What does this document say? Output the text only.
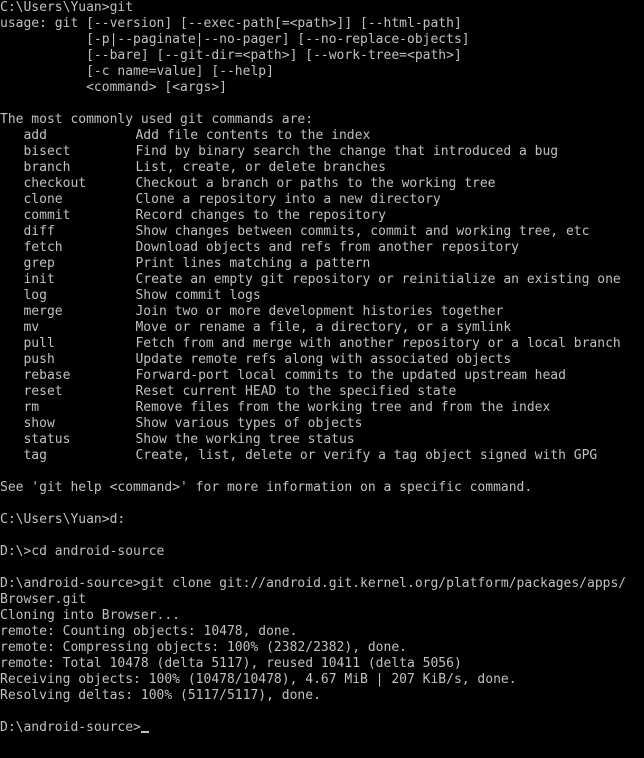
C:\Users\Yuan>git
usage: git [--version] [--exec-path[=<path>]] [--html-path]
[-p|--paginate|--no-pager] [--no-replace-objects]
[--bare] [--git-dir=<path>] [--work-tree=<path>]
[-c name=value] [--help]
<command> [<args>]
The most commonly used git commands are:
add	Add file contents to the index
bisect	Find by binary search the change that introduced a bug
branch	List, create, or delete branches
checkout	Checkout a branch or paths to the working tree
clone	Clone a repository into a new directory
commit	Record changes to the repository
diff	Show changes between commits, commit and working tree, etc
fetch	Download objects and refs from another repository
grep	Print lines matching a pattern
init	Create an empty git repository or reinitialize an existing one
log	Show commit logs
merge	Join two or more development histories together
mv	Move or rename a file, a directory, or a symlink
pull	Fetch from and merge with another repository or a local branch
push	Update remote refs along with associated objects
rebase	Forward-port local commits to the updated upstream head
reset	Reset current HEAD to the specified state
rm	Remove files from the working tree and from the index
show	Show various types of objects
status	Show the working tree status
tag	Create, list, delete or verify a tag object signed with GPG
See 'git help <command>' for more information on a specific command.
C:\Users\Yuan>d:
D:\>cd android-source
D:\android-source>git clone git://android.git.kernel.org/platform/packages/apps/
Browser.git
Cloning into Browser...
remote: Counting objects: 10478, done.
remote: Compressing objects: 100% (2382/2382), done.
remote: Total 10478 (delta 5117), reused 10411 (delta 5056)
Receiving objects: 100% (10478/10478), 4.67 MiB | 207 KiB/s, done.
Resolving deltas: 100% (5117/5117), done.
D:\android-source>
